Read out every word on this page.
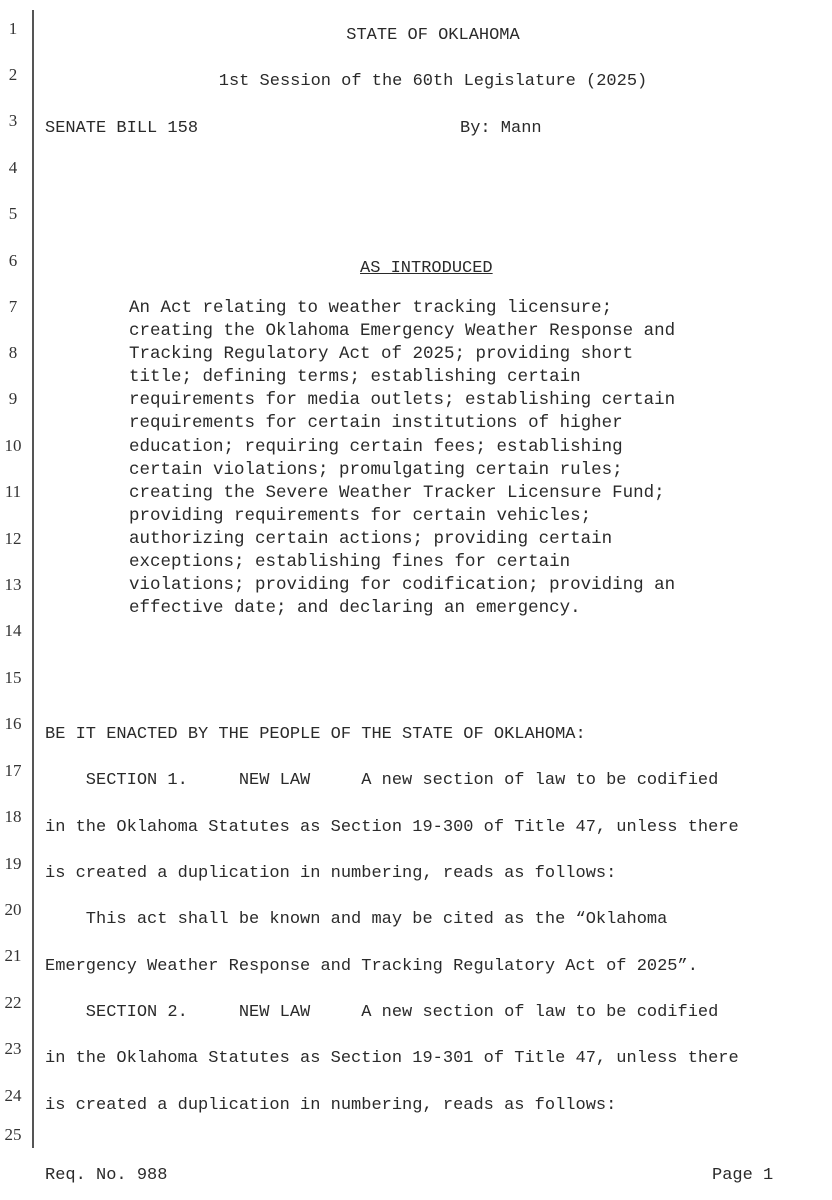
1
2
3
4
5
6
7
8
9
10
11
12
13
14
15
16
17
18
19
20
21
22
23
24
25
STATE OF OKLAHOMA
1st Session of the 60th Legislature (2025)
SENATE BILL 158	By: Mann
AS INTRODUCED
An Act relating to weather tracking licensure;
creating the Oklahoma Emergency Weather Response and
Tracking Regulatory Act of 2025; providing short
title; defining terms; establishing certain
requirements for media outlets; establishing certain
requirements for certain institutions of higher
education; requiring certain fees; establishing
certain violations; promulgating certain rules;
creating the Severe Weather Tracker Licensure Fund;
providing requirements for certain vehicles;
authorizing certain actions; providing certain
exceptions; establishing fines for certain
violations; providing for codification; providing an
effective date; and declaring an emergency.
BE IT ENACTED BY THE PEOPLE OF THE STATE OF OKLAHOMA:
SECTION 1.     NEW LAW     A new section of law to be codified
in the Oklahoma Statutes as Section 19-300 of Title 47, unless there
is created a duplication in numbering, reads as follows:
This act shall be known and may be cited as the “Oklahoma
Emergency Weather Response and Tracking Regulatory Act of 2025”.
SECTION 2.     NEW LAW     A new section of law to be codified
in the Oklahoma Statutes as Section 19-301 of Title 47, unless there
is created a duplication in numbering, reads as follows:
Req. No. 988	Page 1
